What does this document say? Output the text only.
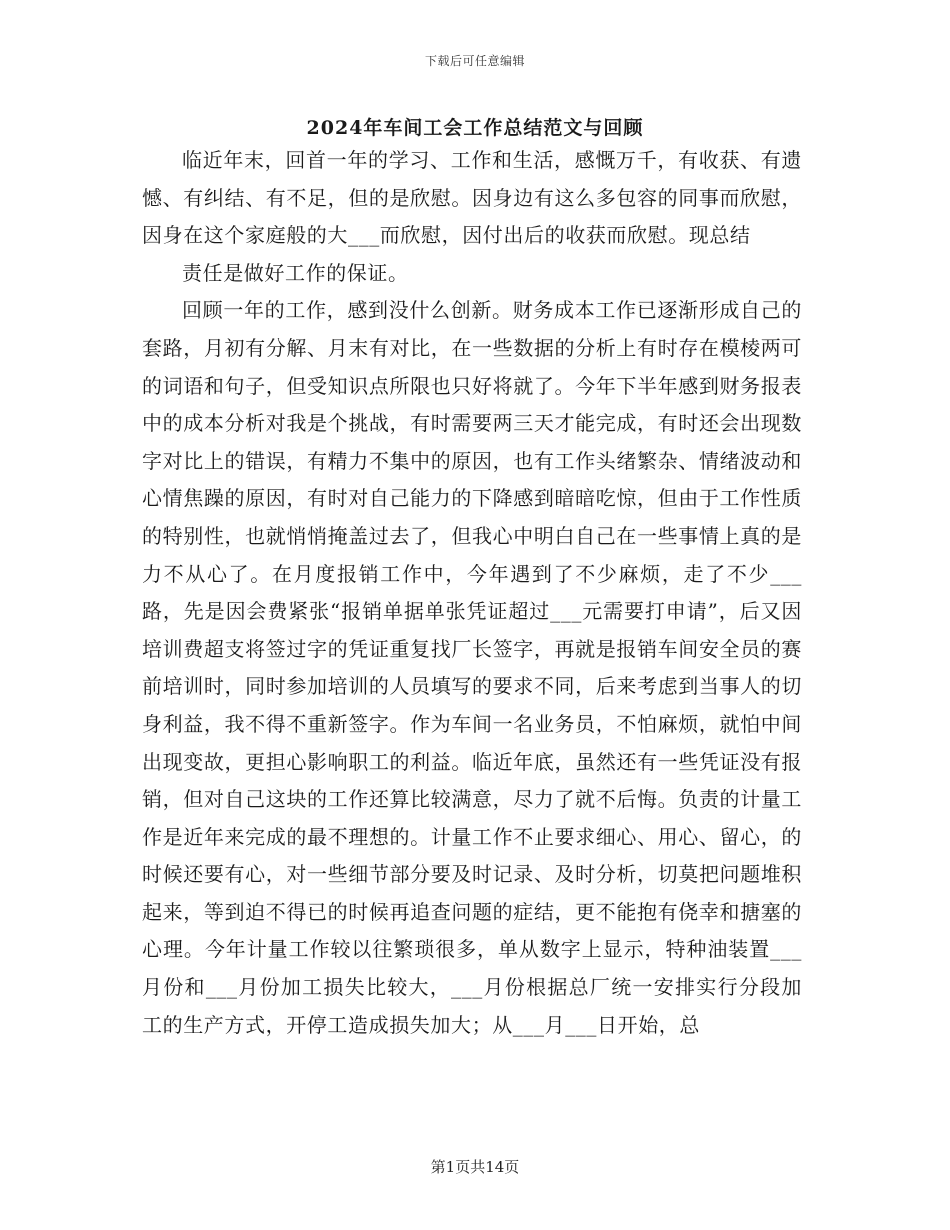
下载后可任意编辑
2024年车间工会工作总结范文与回顾

临近年末，回首一年的学习、工作和生活，感慨万千，有收获、有遗憾、有纠结、有不足，但的是欣慰。因身边有这么多包容的同事而欣慰，因身在这个家庭般的大___而欣慰，因付出后的收获而欣慰。现总结

责任是做好工作的保证。

回顾一年的工作，感到没什么创新。财务成本工作已逐渐形成自己的套路，月初有分解、月末有对比，在一些数据的分析上有时存在模棱两可的词语和句子，但受知识点所限也只好将就了。今年下半年感到财务报表中的成本分析对我是个挑战，有时需要两三天才能完成，有时还会出现数字对比上的错误，有精力不集中的原因，也有工作头绪繁杂、情绪波动和心情焦躁的原因，有时对自己能力的下降感到暗暗吃惊，但由于工作性质的特别性，也就悄悄掩盖过去了，但我心中明白自己在一些事情上真的是力不从心了。在月度报销工作中，今年遇到了不少麻烦，走了不少___路，先是因会费紧张“报销单据单张凭证超过___元需要打申请”，后又因培训费超支将签过字的凭证重复找厂长签字，再就是报销车间安全员的赛前培训时，同时参加培训的人员填写的要求不同，后来考虑到当事人的切身利益，我不得不重新签字。作为车间一名业务员，不怕麻烦，就怕中间出现变故，更担心影响职工的利益。临近年底，虽然还有一些凭证没有报销，但对自己这块的工作还算比较满意，尽力了就不后悔。负责的计量工作是近年来完成的最不理想的。计量工作不止要求细心、用心、留心，的时候还要有心，对一些细节部分要及时记录、及时分析，切莫把问题堆积起来，等到迫不得已的时候再追查问题的症结，更不能抱有侥幸和搪塞的心理。今年计量工作较以往繁琐很多，单从数字上显示，特种油装置___月份和___月份加工损失比较大，___月份根据总厂统一安排实行分段加工的生产方式，开停工造成损失加大；从___月___日开始，总

第1页共14页
